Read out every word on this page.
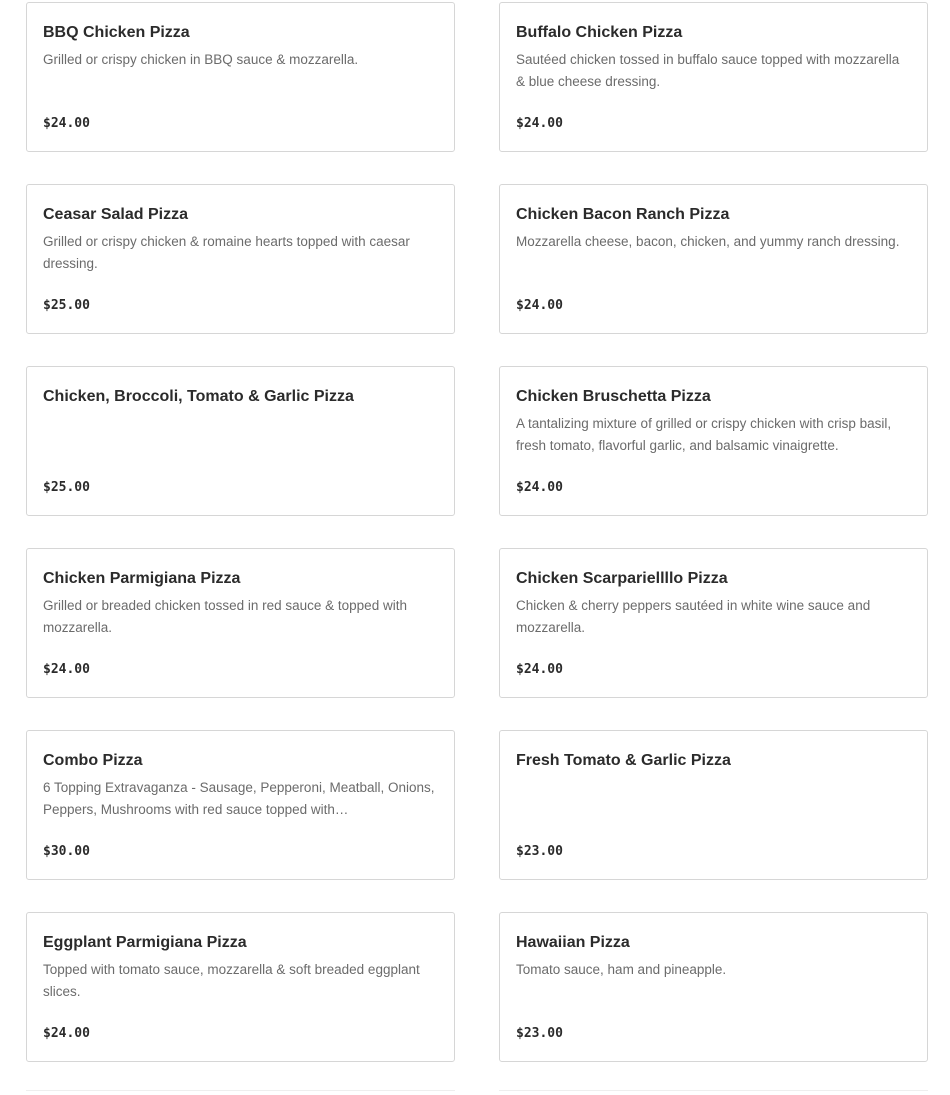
BBQ Chicken Pizza
Grilled or crispy chicken in BBQ sauce & mozzarella.
$24.00
Buffalo Chicken Pizza
Sautéed chicken tossed in buffalo sauce topped with mozzarella & blue cheese dressing.
$24.00
Ceasar Salad Pizza
Grilled or crispy chicken & romaine hearts topped with caesar dressing.
$25.00
Chicken Bacon Ranch Pizza
Mozzarella cheese, bacon, chicken, and yummy ranch dressing.
$24.00
Chicken, Broccoli, Tomato & Garlic Pizza
$25.00
Chicken Bruschetta Pizza
A tantalizing mixture of grilled or crispy chicken with crisp basil, fresh tomato, flavorful garlic, and balsamic vinaigrette.
$24.00
Chicken Parmigiana Pizza
Grilled or breaded chicken tossed in red sauce & topped with mozzarella.
$24.00
Chicken Scarpariellllo Pizza
Chicken & cherry peppers sautéed in white wine sauce and mozzarella.
$24.00
Combo Pizza
6 Topping Extravaganza - Sausage, Pepperoni, Meatball, Onions, Peppers, Mushrooms with red sauce topped with…
$30.00
Fresh Tomato & Garlic Pizza
$23.00
Eggplant Parmigiana Pizza
Topped with tomato sauce, mozzarella & soft breaded eggplant slices.
$24.00
Hawaiian Pizza
Tomato sauce, ham and pineapple.
$23.00
